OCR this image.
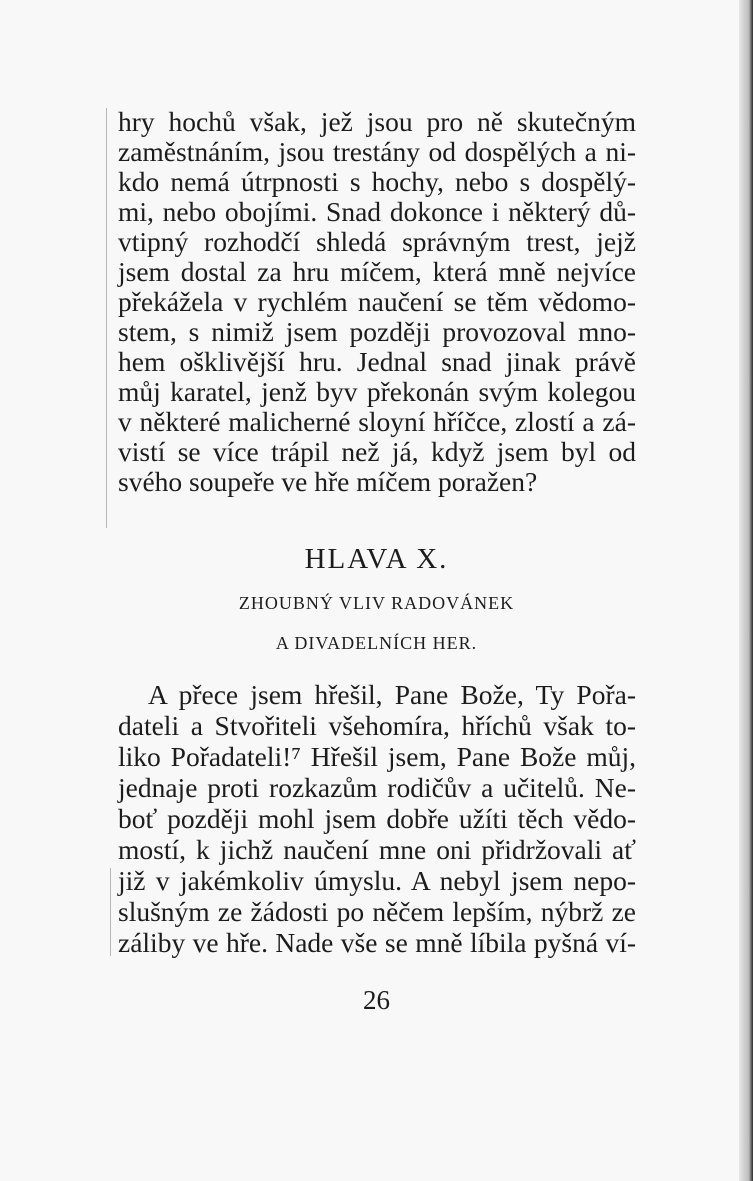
hry hochů však, jež jsou pro ně skutečným
zaměstnáním, jsou trestány od dospělých a ni-
kdo nemá útrpnosti s hochy, nebo s dospělý-
mi, nebo obojími. Snad dokonce i některý dů-
vtipný rozhodčí shledá správným trest, jejž
jsem dostal za hru míčem, která mně nejvíce
překážela v rychlém naučení se těm vědomo-
stem, s nimiž jsem později provozoval mno-
hem ošklivější hru. Jednal snad jinak právě
můj karatel, jenž byv překonán svým kolegou
v některé malicherné sloyní hříčce, zlostí a zá-
vistí se více trápil než já, když jsem byl od
svého soupeře ve hře míčem poražen?
HLAVA X.
ZHOUBNÝ VLIV RADOVÁNEK
A DIVADELNÍCH HER.
A přece jsem hřešil, Pane Bože, Ty Pořa-
dateli a Stvořiteli všehomíra, hříchů však to-
liko Pořadateli!⁷ Hřešil jsem, Pane Bože můj,
jednaje proti rozkazům rodičův a učitelů. Ne-
boť později mohl jsem dobře užíti těch vědo-
mostí, k jichž naučení mne oni přidržovali ať
již v jakémkoliv úmyslu. A nebyl jsem nepo-
slušným ze žádosti po něčem lepším, nýbrž ze
záliby ve hře. Nade vše se mně líbila pyšná ví-
26
